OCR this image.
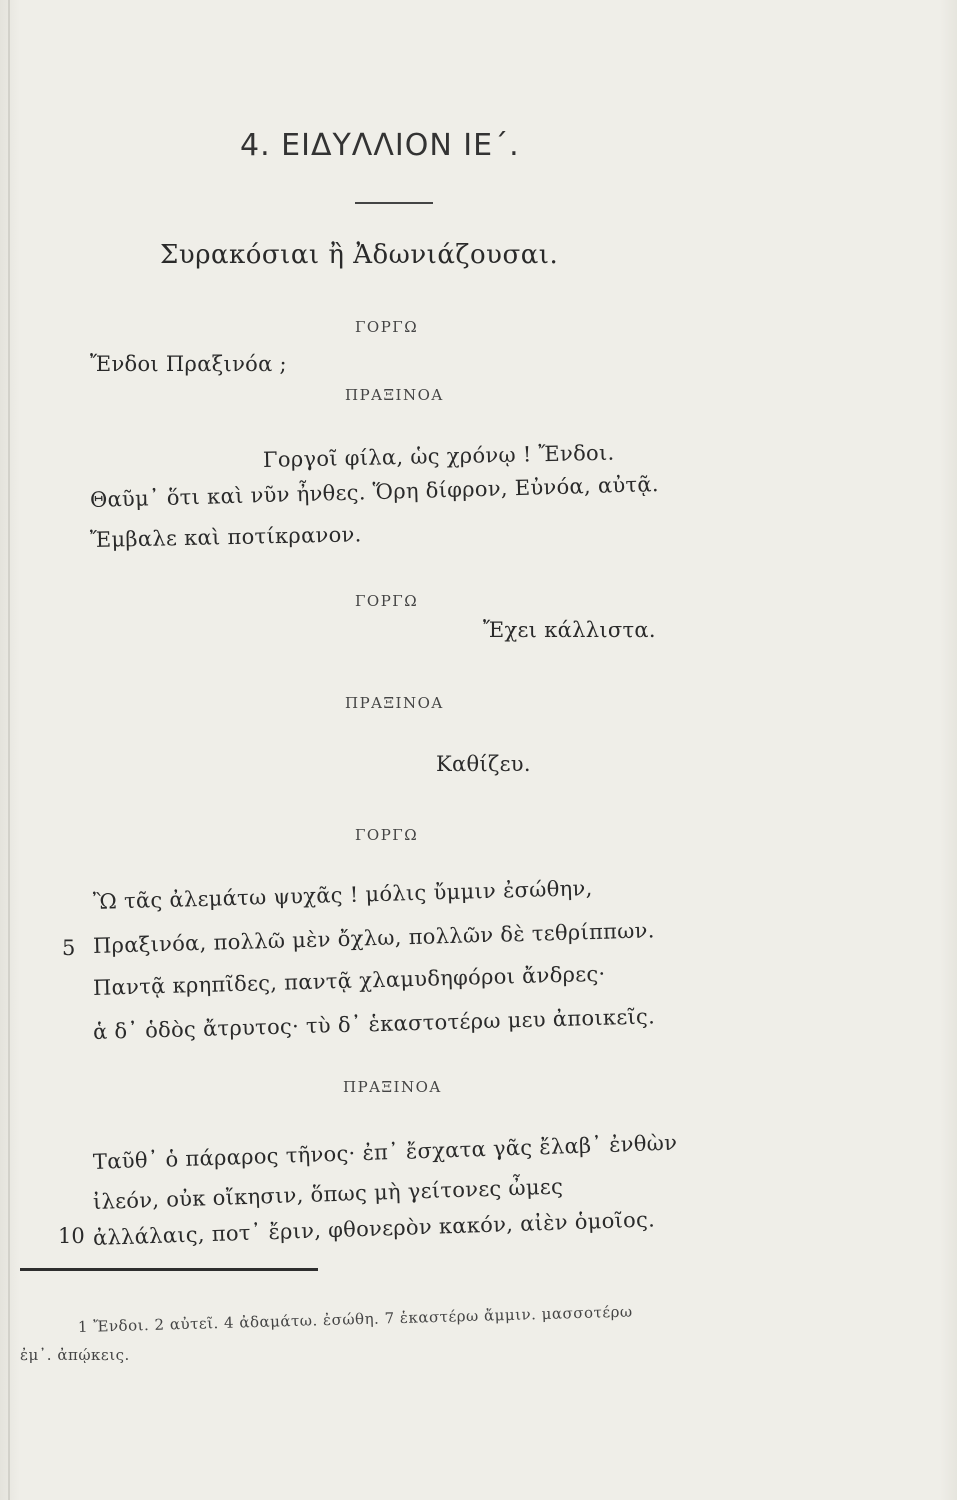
4. ΕΙΔΥΛΛΙΟΝ ΙΕ΄.
Συρακόσιαι ἢ Ἀδωνιάζουσαι.
ΓΟΡΓΩ
Ἔνδοι Πραξινόα ;
ΠΡΑΞΙΝΟΑ
Γοργοῖ φίλα, ὡς χρόνῳ ! Ἔνδοι.
Θαῦμ᾽ ὅτι καὶ νῦν ἦνθες. Ὅρη δίφρον, Εὐνόα, αὐτᾷ.
Ἔμβαλε καὶ ποτίκρανον.
ΓΟΡΓΩ
Ἔχει κάλλιστα.
ΠΡΑΞΙΝΟΑ
Καθίζευ.
ΓΟΡΓΩ
Ὢ τᾶς ἀλεμάτω ψυχᾶς ! μόλις ὔμμιν ἐσώθην,
5 Πραξινόα, πολλῶ μὲν ὄχλω, πολλῶν δὲ τεθρίππων.
Παντᾷ κρηπῖδες, παντᾷ χλαμυδηφόροι ἄνδρες·
ἁ δ᾽ ὁδὸς ἄτρυτος· τὺ δ᾽ ἑκαστοτέρω μευ ἀποικεῖς.
ΠΡΑΞΙΝΟΑ
Ταῦθ᾽ ὁ πάραρος τῆνος· ἐπ᾽ ἔσχατα γᾶς ἔλαβ᾽ ἐνθὼν
ἰλεόν, οὐκ οἴκησιν, ὅπως μὴ γείτονες ὦμες
10 ἀλλάλαις, ποτ᾽ ἔριν, φθονερὸν κακόν, αἰὲν ὁμοῖος.
1 Ἔνδοι. 2 αὐτεῖ. 4 ἀδαμάτω. ἐσώθη. 7 ἑκαστέρω ἄμμιν. μασσοτέρω
ἐμ᾽. ἀπῴκεις.
